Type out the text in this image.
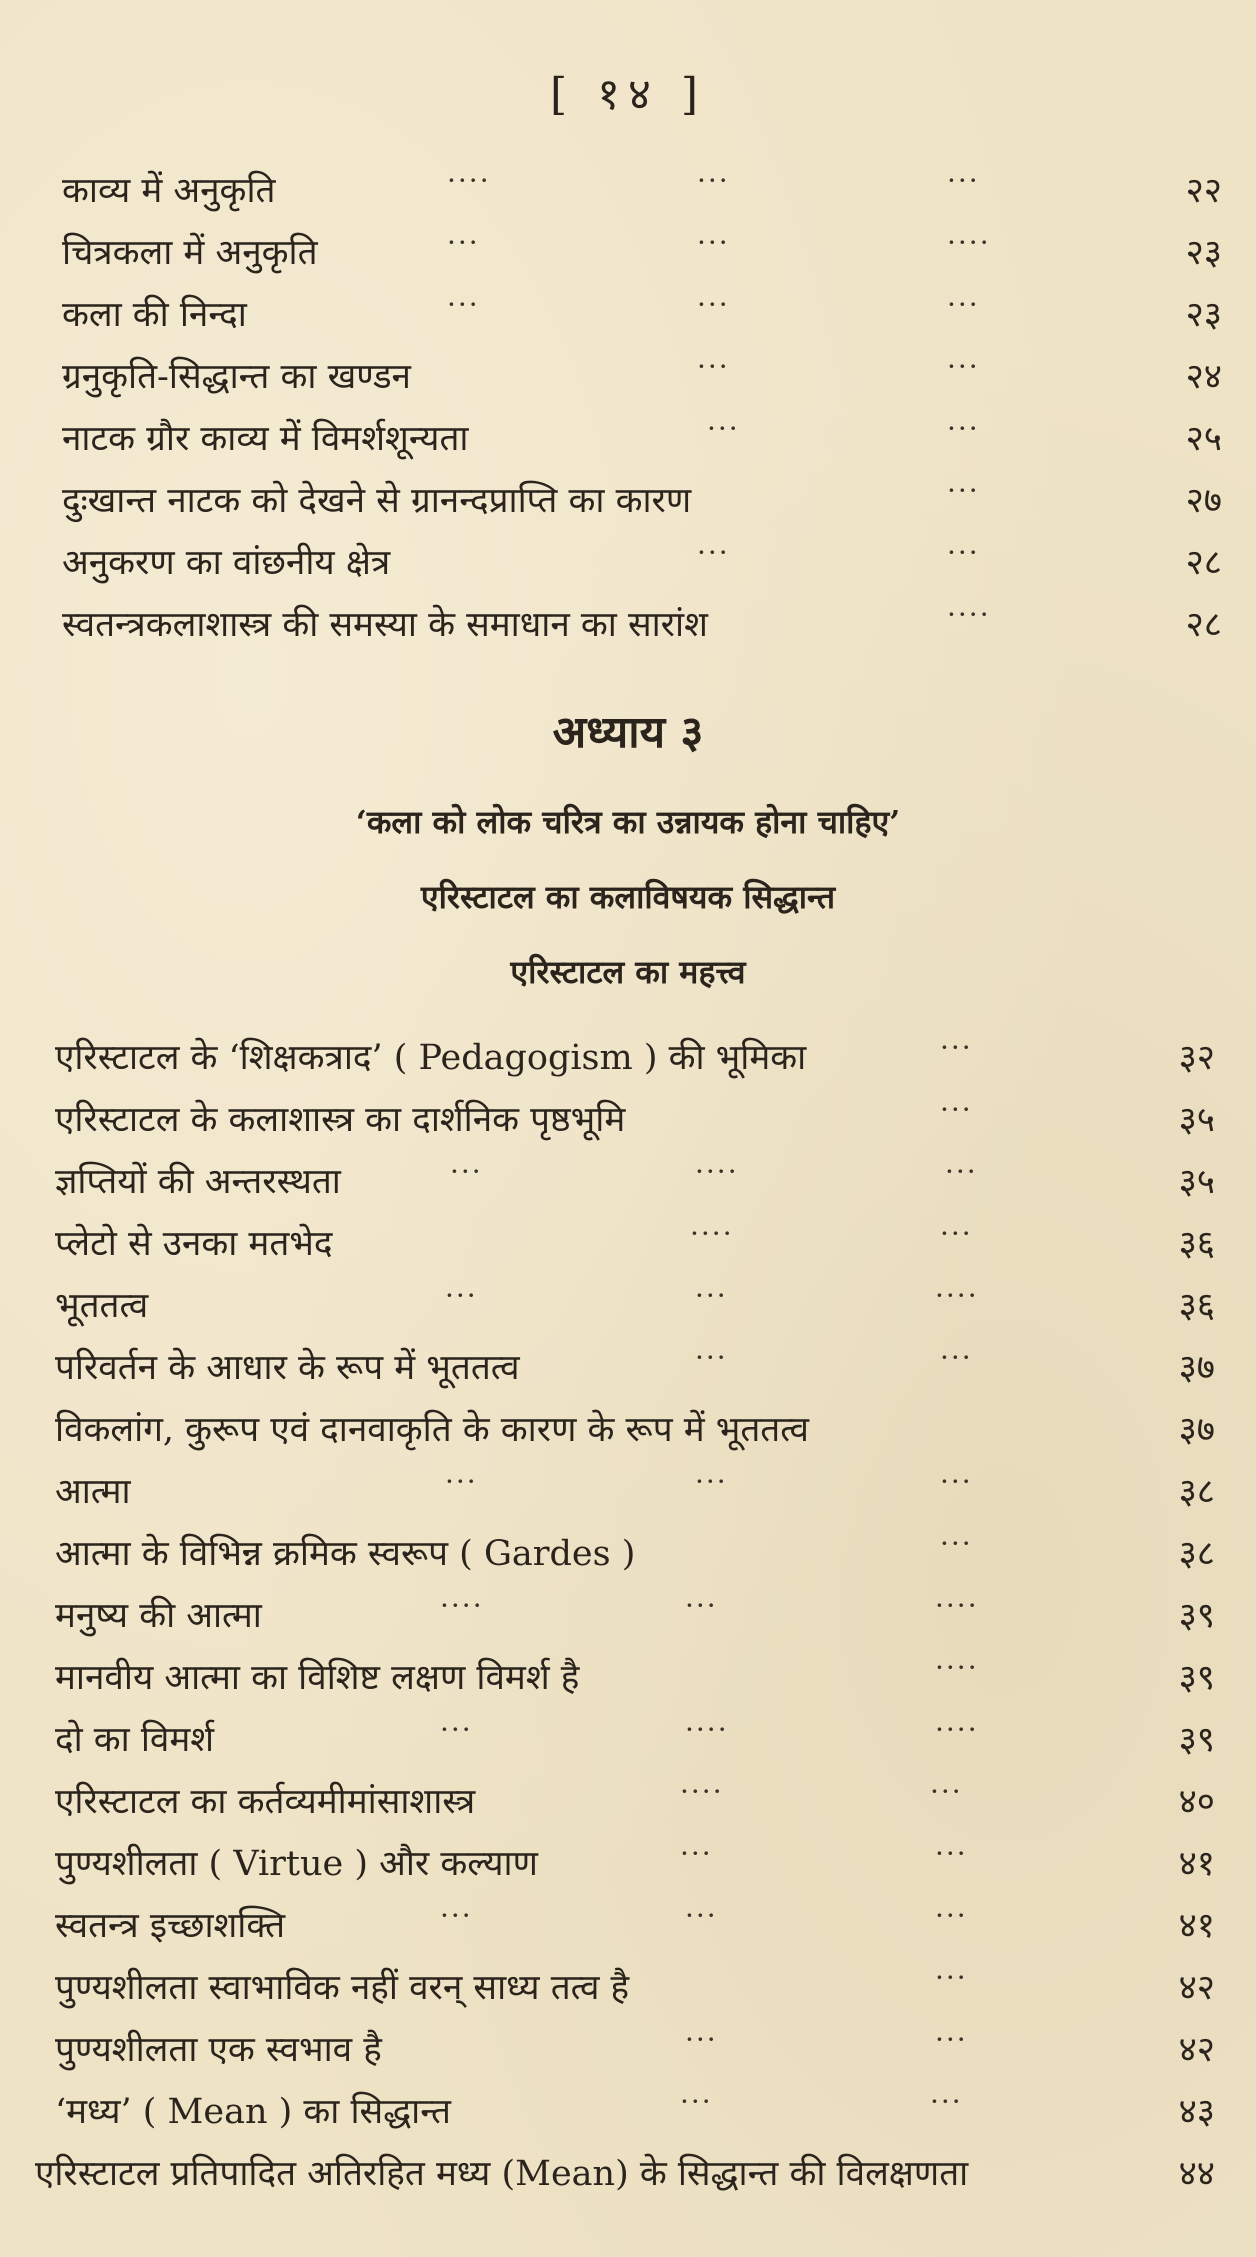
[ १४ ]
काव्य में अनुकृति	····	···	···	२२
चित्रकला में अनुकृति	···	···	····	२३
कला की निन्दा	···	···	···	२३
ग्रनुकृति-सिद्धान्त का खण्डन	···	···	२४
नाटक ग्रौर काव्य में विमर्शशून्यता	···	···	२५
दुःखान्त नाटक को देखने से ग्रानन्दप्राप्ति का कारण	···	२७
अनुकरण का वांछनीय क्षेत्र	···	···	२८
स्वतन्त्रकलाशास्त्र की समस्या के समाधान का सारांश	····	२८
अध्याय ३
‘कला को लोक चरित्र का उन्नायक होना चाहिए’
एरिस्टाटल का कलाविषयक सिद्धान्त
एरिस्टाटल का महत्त्व
एरिस्टाटल के ‘शिक्षकत्राद’ ( Pedagogism ) की भूमिका	···	३२
एरिस्टाटल के कलाशास्त्र का दार्शनिक पृष्ठभूमि	···	३५
ज्ञप्तियों की अन्तरस्थता	···	····	···	३५
प्लेटो से उनका मतभेद	····	···	३६
भूततत्व	···	···	····	३६
परिवर्तन के आधार के रूप में भूततत्व	···	···	३७
विकलांग, कुरूप एवं दानवाकृति के कारण के रूप में भूततत्व	३७
आत्मा	···	···	···	३८
आत्मा के विभिन्न क्रमिक स्वरूप ( Gardes )	···	३८
मनुष्य की आत्मा	····	···	····	३९
मानवीय आत्मा का विशिष्ट लक्षण विमर्श है	····	३९
दो का विमर्श	···	····	····	३९
एरिस्टाटल का कर्तव्यमीमांसाशास्त्र	····	···	४०
पुण्यशीलता ( Virtue ) और कल्याण	···	···	४१
स्वतन्त्र इच्छाशक्ति	···	···	···	४१
पुण्यशीलता स्वाभाविक नहीं वरन् साध्य तत्व है	···	४२
पुण्यशीलता एक स्वभाव है	···	···	४२
‘मध्य’ ( Mean ) का सिद्धान्त	···	···	४३
एरिस्टाटल प्रतिपादित अतिरहित मध्य (Mean) के सिद्धान्त की विलक्षणता	४४
